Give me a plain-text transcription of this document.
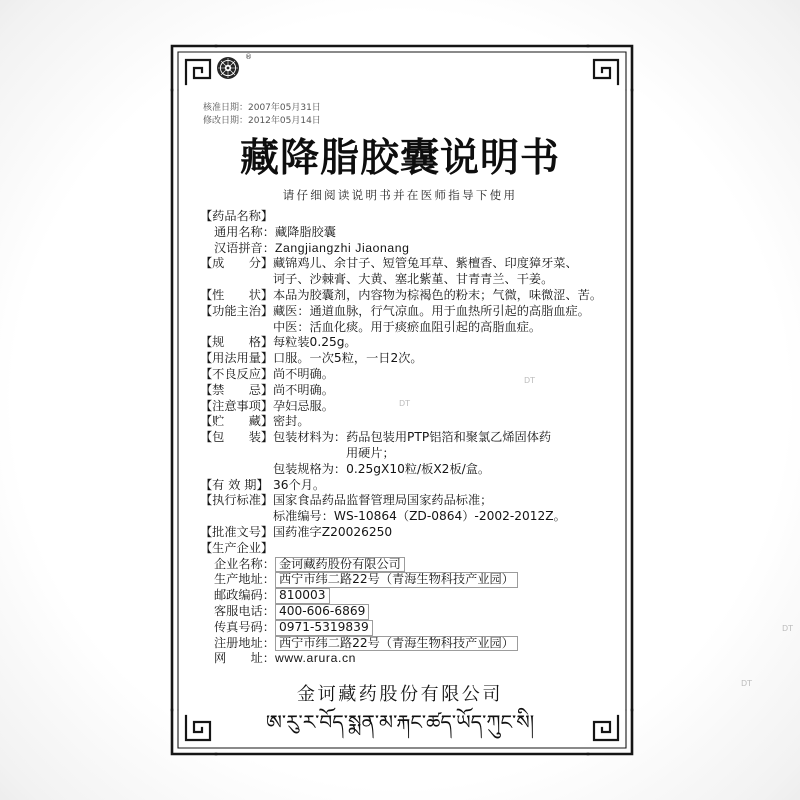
®
核准日期：2007年05月31日
修改日期：2012年05月14日
藏降脂胶囊说明书
请仔细阅读说明书并在医师指导下使用
【药品名称】
通用名称：藏降脂胶囊
汉语拼音：Zangjiangzhi Jiaonang
【成　　分】藏锦鸡儿、余甘子、短管兔耳草、紫檀香、印度獐牙菜、
诃子、沙棘膏、大黄、塞北紫堇、甘青青兰、干姜。
【性　　状】本品为胶囊剂，内容物为棕褐色的粉末；气微，味微涩、苦。
【功能主治】藏医：通道血脉，行气凉血。用于血热所引起的高脂血症。
中医：活血化痰。用于痰瘀血阻引起的高脂血症。
【规　　格】每粒装0.25g。
【用法用量】口服。一次5粒，一日2次。
【不良反应】尚不明确。
【禁　　忌】尚不明确。
【注意事项】孕妇忌服。
【贮　　藏】密封。
【包　　装】包装材料为：药品包装用PTP铝箔和聚氯乙烯固体药
用硬片；
包装规格为：0.25gX10粒/板X2板/盒。
【有 效 期】 36个月。
【执行标准】国家食品药品监督管理局国家药品标准；
标准编号：WS-10864（ZD-0864）-2002-2012Z。
【批准文号】国药准字Z20026250
【生产企业】
企业名称： 金诃藏药股份有限公司
生产地址： 西宁市纬二路22号（青海生物科技产业园）
邮政编码： 810003
客服电话： 400-606-6869
传真号码： 0971-5319839
注册地址： 西宁市纬二路22号（青海生物科技产业园）
网　　址：www.arura.cn
金诃藏药股份有限公司
ཨ་རུ་ར་བོད་སྨན་མ་རྐང་ཚད་ཡོད་ཀུང་སི།
DT
DT
DT
DT
